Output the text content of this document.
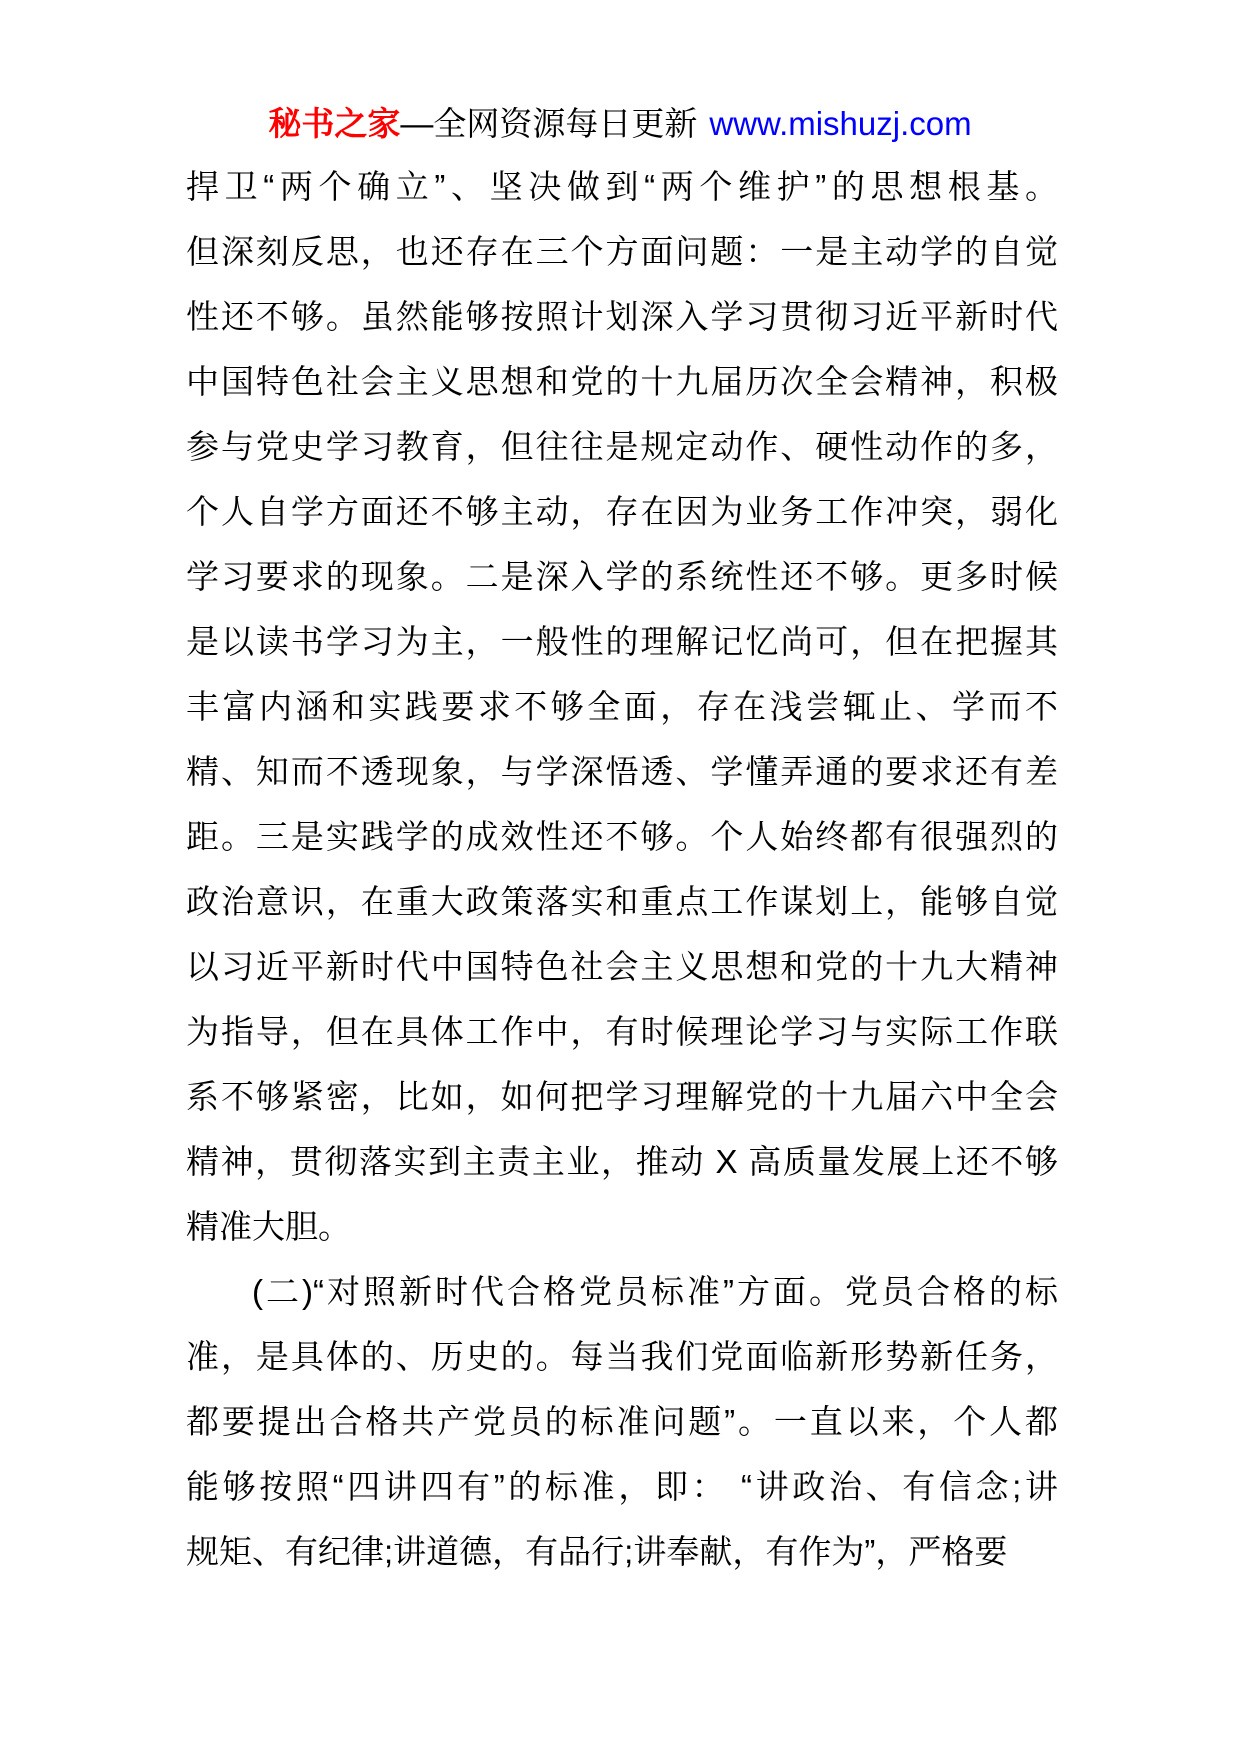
秘书之家—全网资源每日更新 www.mishuzj.com
捍卫“两个确立”、坚决做到“两个维护”的思想根基。
但深刻反思，也还存在三个方面问题：一是主动学的自觉
性还不够。虽然能够按照计划深入学习贯彻习近平新时代
中国特色社会主义思想和党的十九届历次全会精神，积极
参与党史学习教育，但往往是规定动作、硬性动作的多，
个人自学方面还不够主动，存在因为业务工作冲突，弱化
学习要求的现象。二是深入学的系统性还不够。更多时候
是以读书学习为主，一般性的理解记忆尚可，但在把握其
丰富内涵和实践要求不够全面，存在浅尝辄止、学而不
精、知而不透现象，与学深悟透、学懂弄通的要求还有差
距。三是实践学的成效性还不够。个人始终都有很强烈的
政治意识，在重大政策落实和重点工作谋划上，能够自觉
以习近平新时代中国特色社会主义思想和党的十九大精神
为指导，但在具体工作中，有时候理论学习与实际工作联
系不够紧密，比如，如何把学习理解党的十九届六中全会
精神，贯彻落实到主责主业，推动 X 高质量发展上还不够
精准大胆。
(二)“对照新时代合格党员标准”方面。党员合格的标
准，是具体的、历史的。每当我们党面临新形势新任务，
都要提出合格共产党员的标准问题”。一直以来，个人都
能够按照“四讲四有”的标准，即： “讲政治、有信念;讲
规矩、有纪律;讲道德，有品行;讲奉献，有作为”，严格要
